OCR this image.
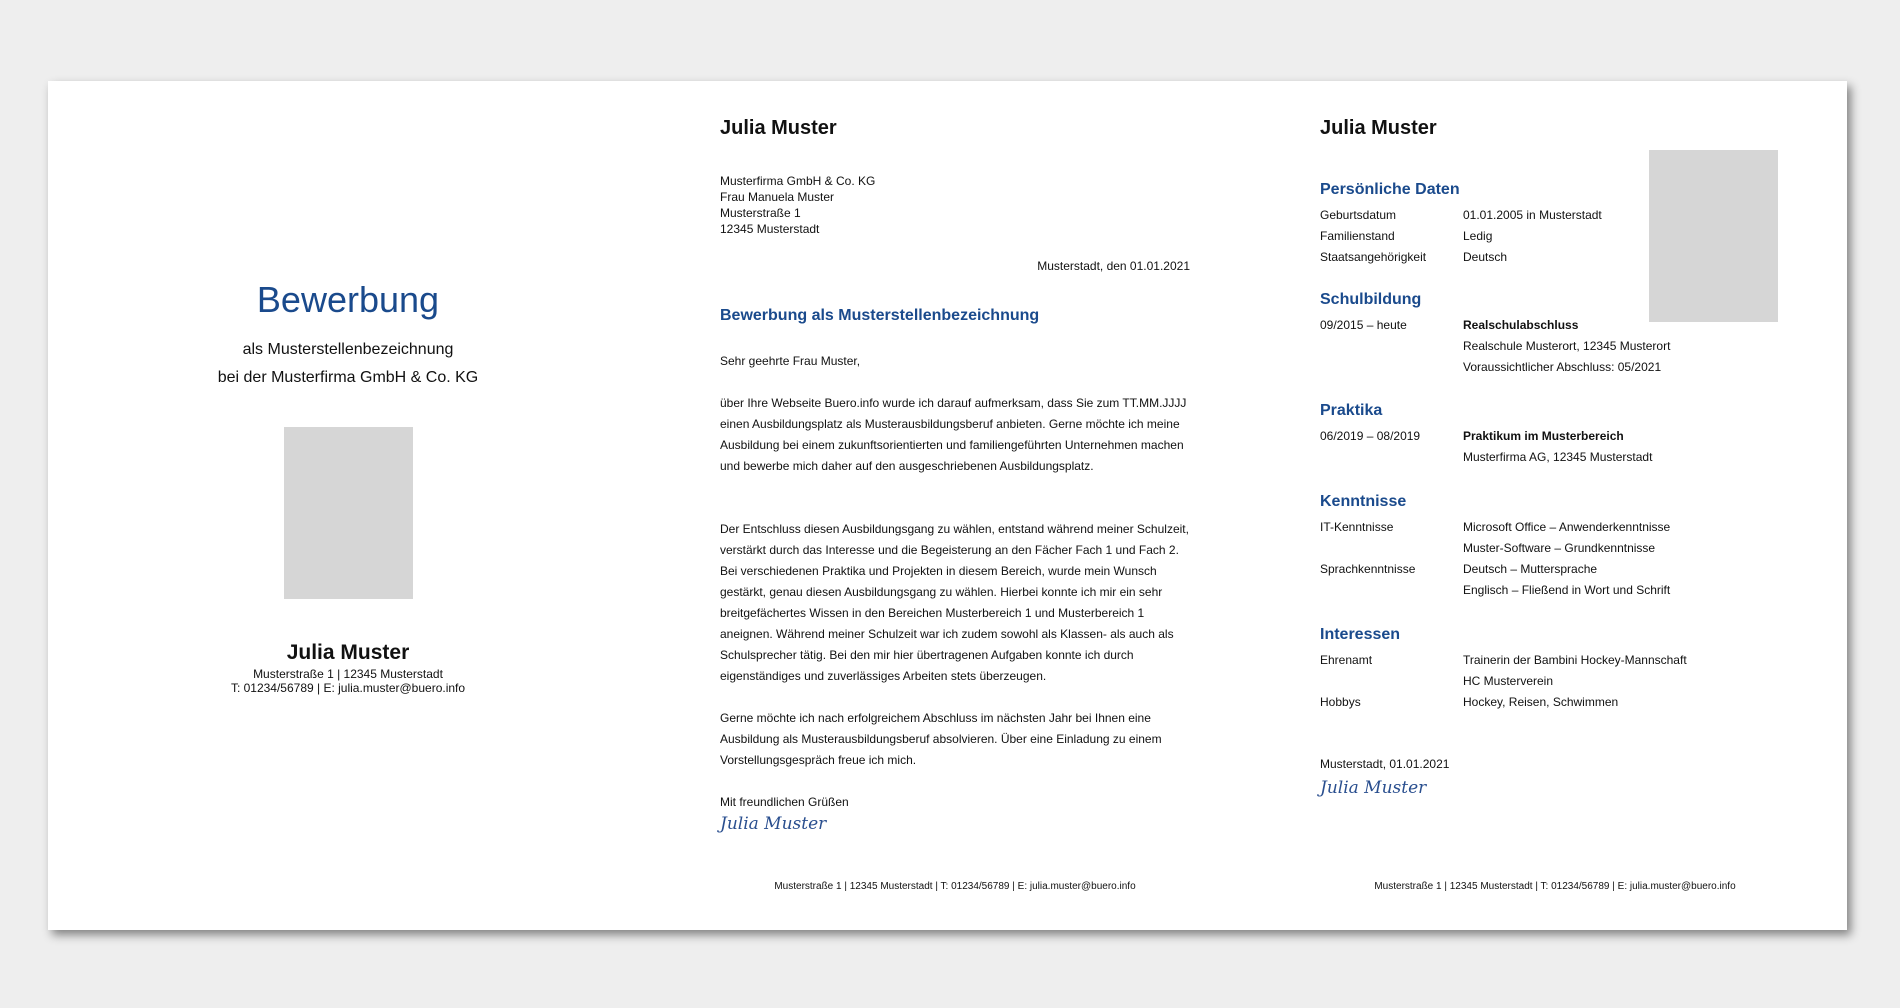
Bewerbung
als Musterstellenbezeichnung
bei der Musterfirma GmbH & Co. KG
Julia Muster
Musterstraße 1 | 12345 Musterstadt
T: 01234/56789 | E: julia.muster@buero.info
Julia Muster
Musterfirma GmbH & Co. KG
Frau Manuela Muster
Musterstraße 1
12345 Musterstadt
Musterstadt, den 01.01.2021
Bewerbung als Musterstellenbezeichnung
Sehr geehrte Frau Muster,
über Ihre Webseite Buero.info wurde ich darauf aufmerksam, dass Sie zum TT.MM.JJJJ einen Ausbildungsplatz als Musterausbildungsberuf anbieten. Gerne möchte ich meine Ausbildung bei einem zukunftsorientierten und familiengeführten Unternehmen machen und bewerbe mich daher auf den ausgeschriebenen Ausbildungsplatz.
Der Entschluss diesen Ausbildungsgang zu wählen, entstand während meiner Schulzeit, verstärkt durch das Interesse und die Begeisterung an den Fächer Fach 1 und Fach 2. Bei verschiedenen Praktika und Projekten in diesem Bereich, wurde mein Wunsch gestärkt, genau diesen Ausbildungsgang zu wählen. Hierbei konnte ich mir ein sehr breitgefächertes Wissen in den Bereichen Musterbereich 1 und Musterbereich 1 aneignen. Während meiner Schulzeit war ich zudem sowohl als Klassen- als auch als Schulsprecher tätig. Bei den mir hier übertragenen Aufgaben konnte ich durch eigenständiges und zuverlässiges Arbeiten stets überzeugen.
Gerne möchte ich nach erfolgreichem Abschluss im nächsten Jahr bei Ihnen eine Ausbildung als Musterausbildungsberuf absolvieren. Über eine Einladung zu einem Vorstellungsgespräch freue ich mich.
Mit freundlichen Grüßen
Julia Muster
Musterstraße 1 | 12345 Musterstadt | T: 01234/56789 | E: julia.muster@buero.info
Julia Muster
Persönliche Daten
Geburtsdatum	01.01.2005 in Musterstadt
Familienstand	Ledig
Staatsangehörigkeit	Deutsch
Schulbildung
09/2015 – heute	Realschulabschluss
Realschule Musterort, 12345 Musterort
Voraussichtlicher Abschluss: 05/2021
Praktika
06/2019 – 08/2019	Praktikum im Musterbereich
Musterfirma AG, 12345 Musterstadt
Kenntnisse
IT-Kenntnisse	Microsoft Office – Anwenderkenntnisse
Muster-Software – Grundkenntnisse
Sprachkenntnisse	Deutsch – Muttersprache
Englisch – Fließend in Wort und Schrift
Interessen
Ehrenamt	Trainerin der Bambini Hockey-Mannschaft
HC Musterverein
Hobbys	Hockey, Reisen, Schwimmen
Musterstadt, 01.01.2021
Julia Muster
Musterstraße 1 | 12345 Musterstadt | T: 01234/56789 | E: julia.muster@buero.info
